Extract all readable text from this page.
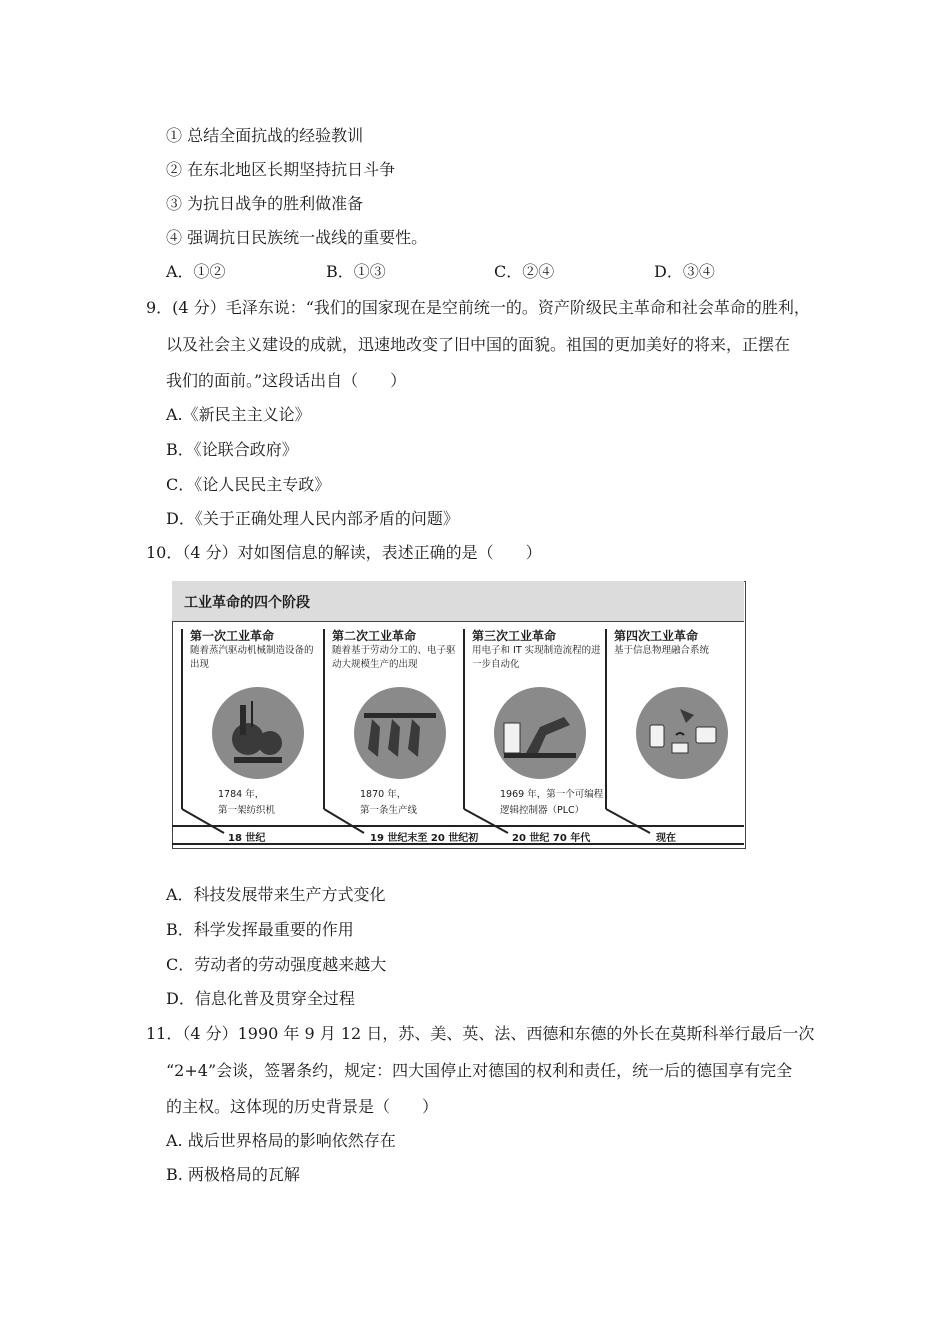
① 总结全面抗战的经验教训
② 在东北地区长期坚持抗日斗争
③ 为抗日战争的胜利做准备
④ 强调抗日民族统一战线的重要性。
A．①②	B．①③	C．②④	D．③④
9．(4 分）毛泽东说：“我们的国家现在是空前统一的。资产阶级民主革命和社会革命的胜利，
以及社会主义建设的成就，迅速地改变了旧中国的面貌。祖国的更加美好的将来，正摆在
我们的面前。”这段话出自（　　）
A.《新民主主义论》
B．《论联合政府》
C．《论人民民主专政》
D．《关于正确处理人民内部矛盾的问题》
10．（4 分）对如图信息的解读，表述正确的是（　　）
工业革命的四个阶段
第一次工业革命
随着蒸汽驱动机械制造设备的出现
1784 年，
第一架纺织机
第二次工业革命
随着基于劳动分工的、电子驱动大规模生产的出现
1870 年，
第一条生产线
第三次工业革命
用电子和 IT 实现制造流程的进一步自动化
1969 年，第一个可编程
逻辑控制器（PLC）
第四次工业革命
基于信息物理融合系统
18 世纪	19 世纪末至 20 世纪初	20 世纪 70 年代	现在
A．科技发展带来生产方式变化
B．科学发挥最重要的作用
C．劳动者的劳动强度越来越大
D．信息化普及贯穿全过程
11．（4 分）1990 年 9 月 12 日，苏、美、英、法、西德和东德的外长在莫斯科举行最后一次
“2+4”会谈，签署条约，规定：四大国停止对德国的权利和责任，统一后的德国享有完全
的主权。这体现的历史背景是（　　）
A. 战后世界格局的影响依然存在
B. 两极格局的瓦解
